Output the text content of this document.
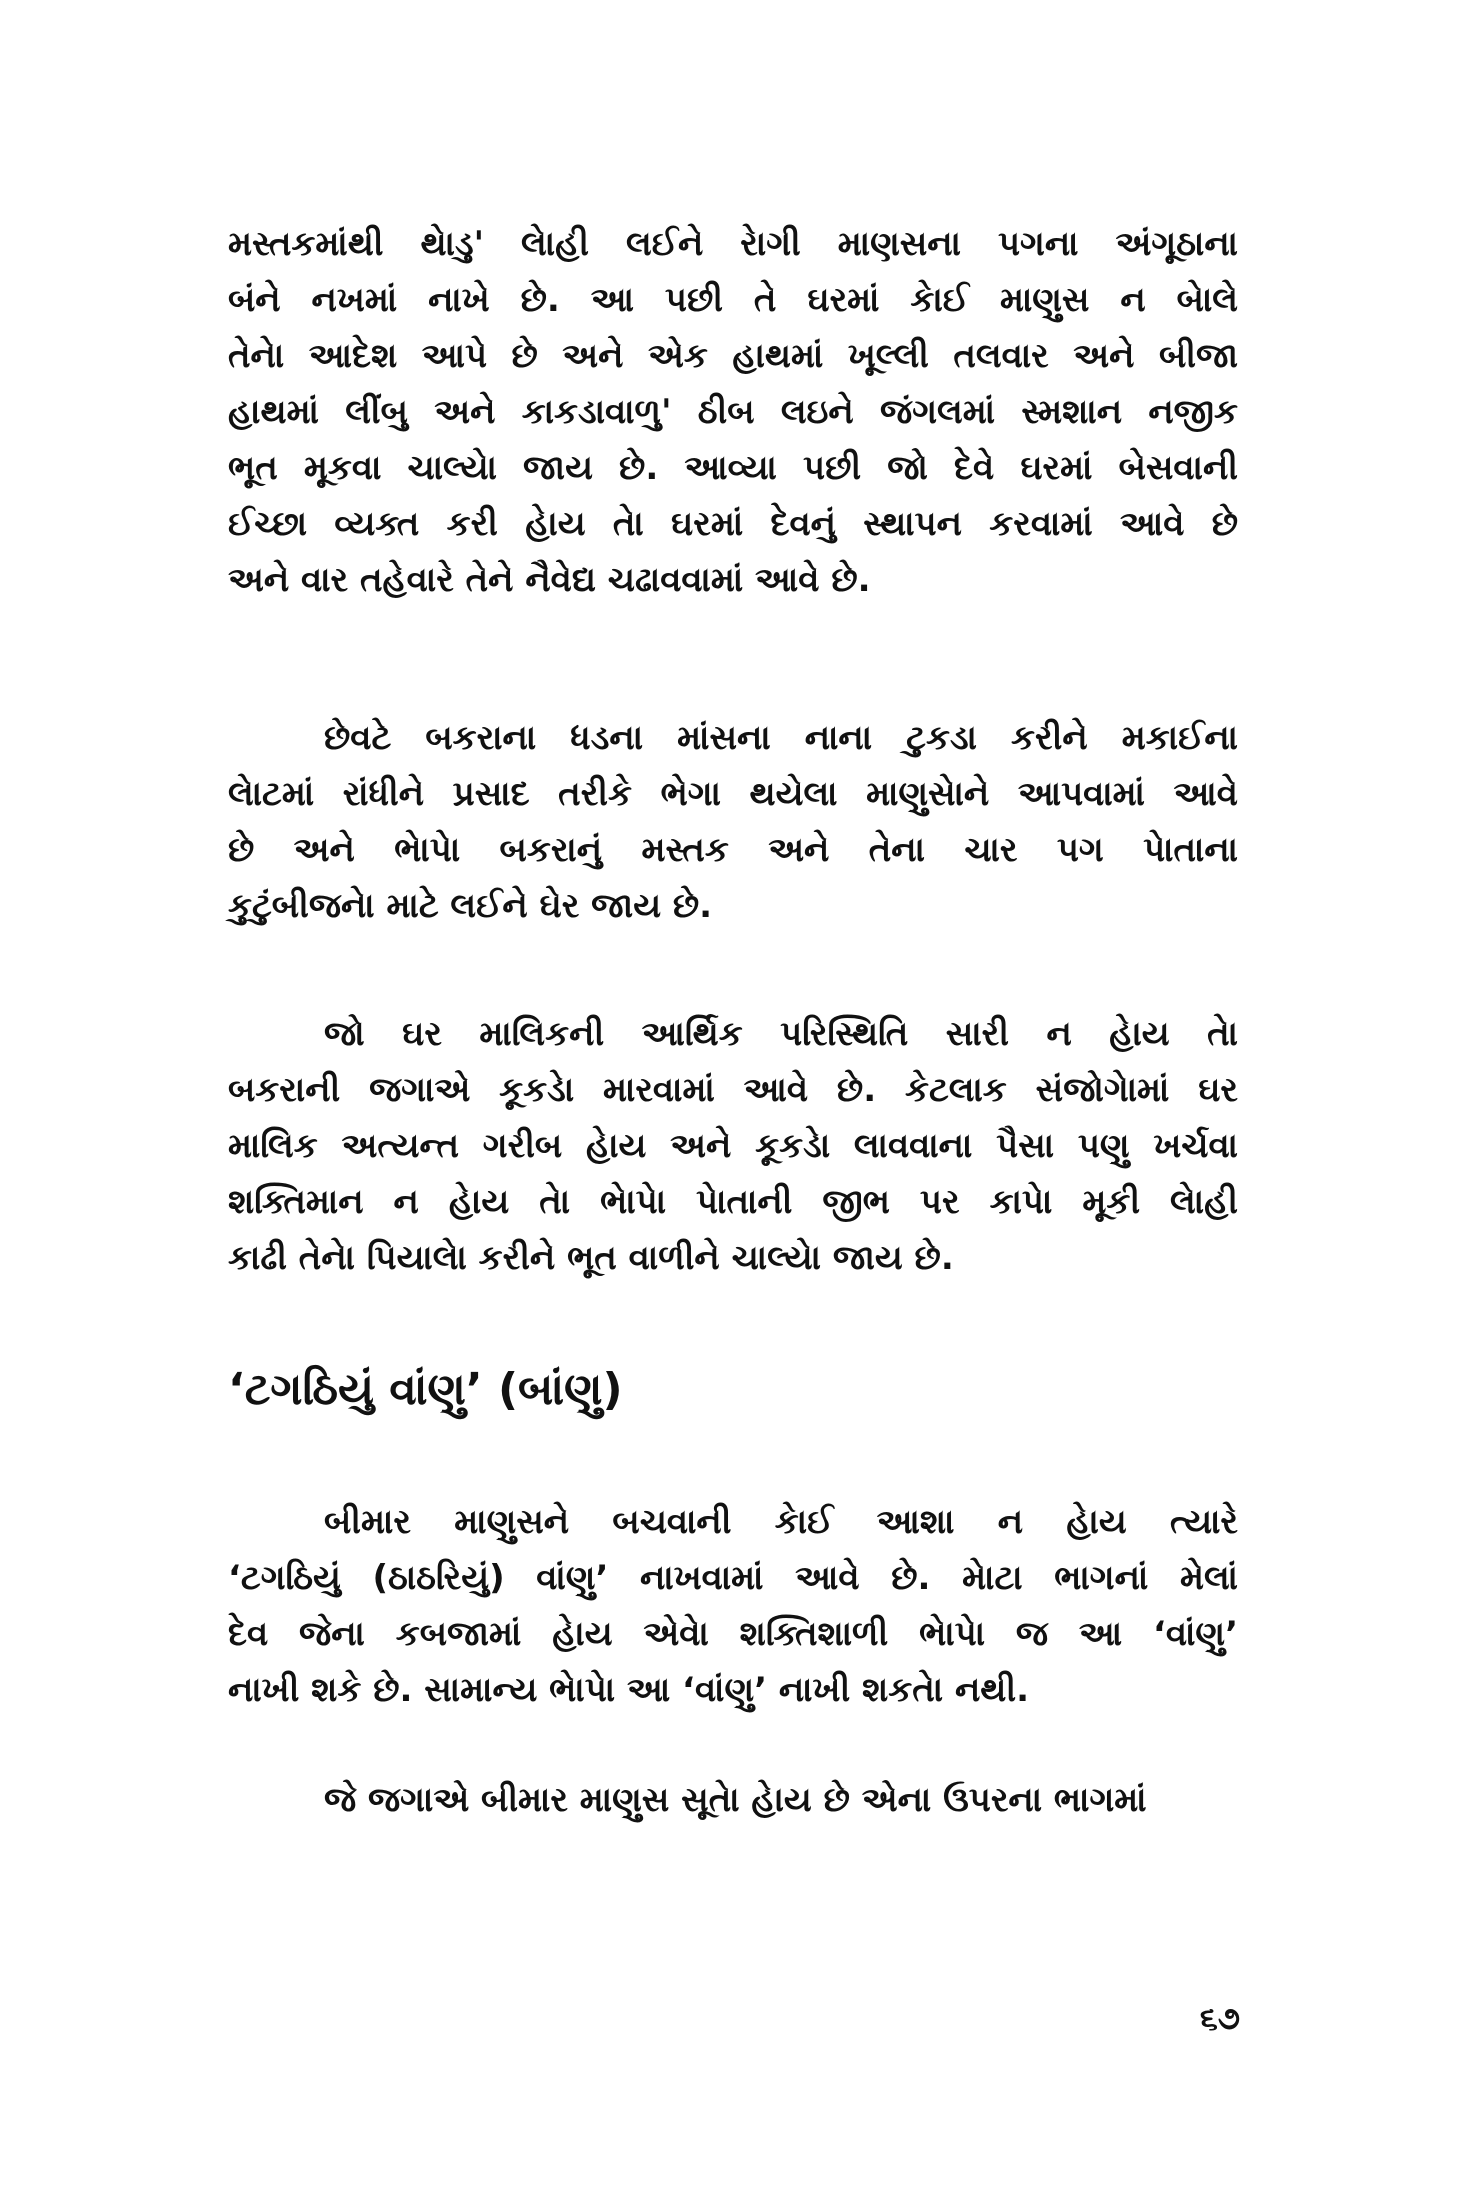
મસ્તકમાંથી થેાડુ' લેાહી લઈને રેાગી માણસના પગના અંગૂઠાના
બંને નખમાં નાખે છે. આ પછી તે ઘરમાં કેાઈ માણુસ ન બેાલે
તેનેા આદેશ આપે છે અને એક હાથમાં ખૂલ્લી તલવાર અને બીજા
હાથમાં લીંબુ અને કાકડાવાળુ' ઠીબ લઇને જંગલમાં સ્મશાન નજીક
ભૂત મૂકવા ચાલ્યેા જાય છે. આવ્યા પછી જો દેવે ઘરમાં બેસવાની
ઈચ્છા વ્યક્ત કરી હેાય તેા ઘરમાં દેવનું સ્થાપન કરવામાં આવે છે
અને વાર તહેવારે તેને નૈવેદ્ય ચઢાવવામાં આવે છે.
છેવટે બકરાના ધડના માંસના નાના ટુકડા કરીને મકાઈના
લેાટમાં રાંધીને પ્રસાદ તરીકે ભેગા થયેલા માણુસેાને આપવામાં આવે
છે અને ભેાપેા બકરાનું મસ્તક અને તેના ચાર પગ પેાતાના
કુટુંબીજનેા માટે લઈને ઘેર જાય છે.
જો ઘર માલિકની આર્થિક પરિસ્થિતિ સારી ન હેાય તેા
બકરાની જગાએ કૂકડેા મારવામાં આવે છે. કેટલાક સંજોગેામાં ઘર
માલિક અત્યન્ત ગરીબ હેાય અને કૂકડેા લાવવાના પૈસા પણુ ખર્ચવા
શક્તિમાન ન હેાય તેા ભેાપેા પેાતાની જીભ પર કાપેા મૂકી લેાહી
કાઢી તેનેા પિયાલેા કરીને ભૂત વાળીને ચાલ્યેા જાય છે.
‘ટગઠિયું વાંણુ’ (બાંણુ)
બીમાર માણુસને બચવાની કેાઈ આશા ન હેાય ત્યારે
‘ટગઠિયું (ઠાઠરિયું) વાંણુ’ નાખવામાં આવે છે. મેાટા ભાગનાં મેલાં
દેવ જેના કબજામાં હેાય એવેા શક્તિશાળી ભેાપેા જ આ ‘વાંણુ’
નાખી શકે છે. સામાન્ય ભેાપેા આ ‘વાંણુ’ નાખી શકતેા નથી.
જે જગાએ બીમાર માણુસ સૂતેા હેાય છે એના ઉપરના ભાગમાં
૬૭
